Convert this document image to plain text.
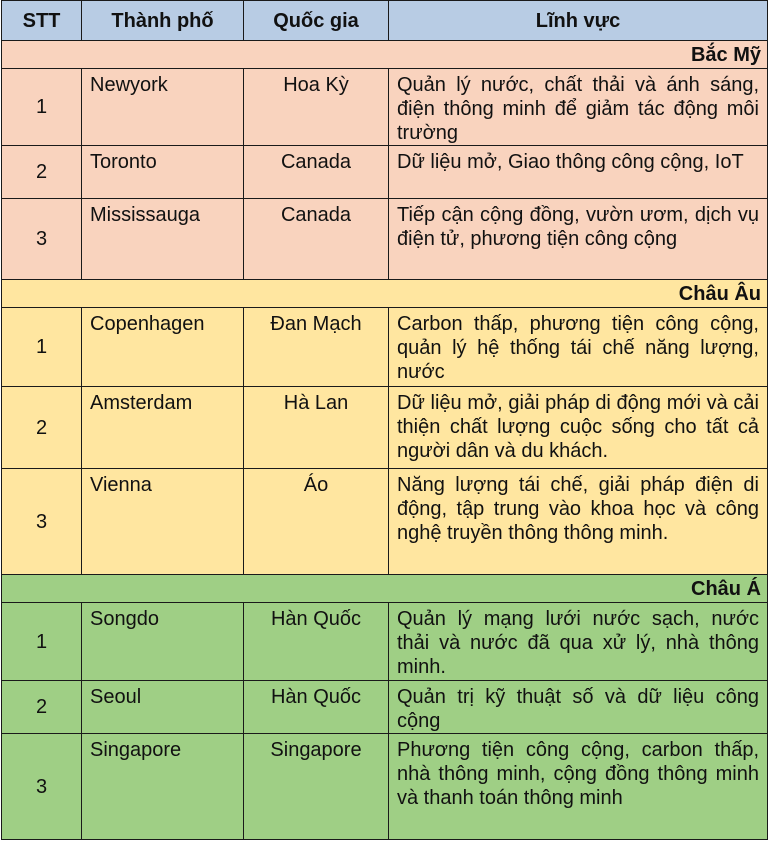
STT	Thành phố	Quốc gia	Lĩnh vực
Bắc Mỹ			
1	Newyork	Hoa Kỳ	Quản lý nước, chất thải và ánh sáng, điện thông minh để giảm tác động môi trường
2	Toronto	Canada	Dữ liệu mở, Giao thông công cộng, IoT
3	Mississauga	Canada	Tiếp cận cộng đồng, vườn ươm, dịch vụ điện tử, phương tiện công cộng
Châu Âu			
1	Copenhagen	Đan Mạch	Carbon thấp, phương tiện công cộng, quản lý hệ thống tái chế năng lượng, nước
2	Amsterdam	Hà Lan	Dữ liệu mở, giải pháp di động mới và cải thiện chất lượng cuộc sống cho tất cả người dân và du khách.
3	Vienna	Áo	Năng lượng tái chế, giải pháp điện di động, tập trung vào khoa học và công nghệ truyền thông thông minh.
Châu Á			
1	Songdo	Hàn Quốc	Quản lý mạng lưới nước sạch, nước thải và nước đã qua xử lý, nhà thông minh.
2	Seoul	Hàn Quốc	Quản trị kỹ thuật số và dữ liệu công cộng
3	Singapore	Singapore	Phương tiện công cộng, carbon thấp, nhà thông minh, cộng đồng thông minh và thanh toán thông minh
